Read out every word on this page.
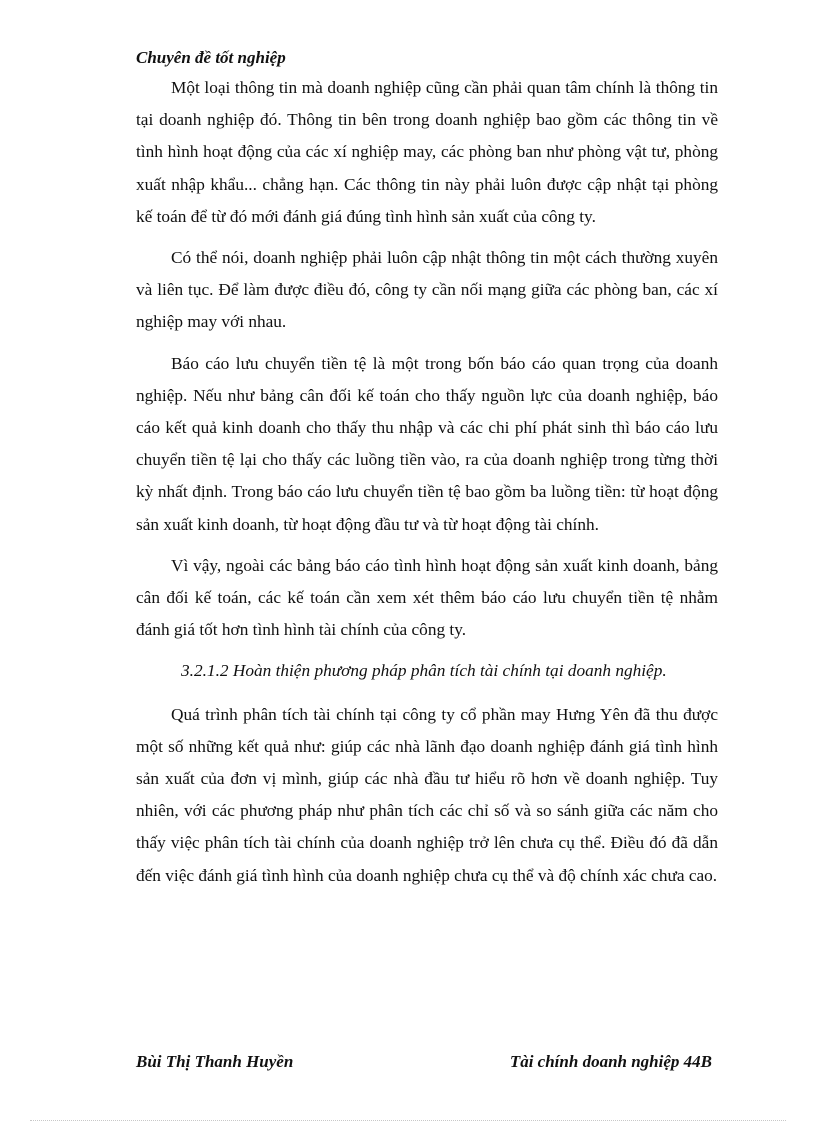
Chuyên đề tốt nghiệp

Một loại thông tin mà doanh nghiệp cũng cần phải quan tâm chính là thông tin tại doanh nghiệp đó. Thông tin bên trong doanh nghiệp bao gồm các thông tin về tình hình hoạt động của các xí nghiệp may, các phòng ban như phòng vật tư, phòng xuất nhập khẩu... chẳng hạn. Các thông tin này phải luôn được cập nhật tại phòng kế toán để từ đó mới đánh giá đúng tình hình sản xuất của công ty.

Có thể nói, doanh nghiệp phải luôn cập nhật thông tin một cách thường xuyên và liên tục. Để làm được điều đó, công ty cần nối mạng giữa các phòng ban, các xí nghiệp may với nhau.

Báo cáo lưu chuyển tiền tệ là một trong bốn báo cáo quan trọng của doanh nghiệp. Nếu như bảng cân đối kế toán cho thấy nguồn lực của doanh nghiệp, báo cáo kết quả kinh doanh cho thấy thu nhập và các chi phí phát sinh thì báo cáo lưu chuyển tiền tệ lại cho thấy các luồng tiền vào, ra của doanh nghiệp trong từng thời kỳ nhất định. Trong báo cáo lưu chuyển tiền tệ bao gồm ba luồng tiền: từ hoạt động sản xuất kinh doanh, từ hoạt động đầu tư và từ hoạt động tài chính.

Vì vậy, ngoài các bảng báo cáo tình hình hoạt động sản xuất kinh doanh, bảng cân đối kế toán, các kế toán cần xem xét thêm báo cáo lưu chuyển tiền tệ nhằm đánh giá tốt hơn tình hình tài chính của công ty.

3.2.1.2 Hoàn thiện phương pháp phân tích tài chính tại doanh nghiệp.

Quá trình phân tích tài chính tại công ty cổ phần may Hưng Yên đã thu được một số những kết quả như: giúp các nhà lãnh đạo doanh nghiệp đánh giá tình hình sản xuất của đơn vị mình, giúp các nhà đầu tư hiểu rõ hơn về doanh nghiệp. Tuy nhiên, với các phương pháp như phân tích các chỉ số và so sánh giữa các năm cho thấy việc phân tích tài chính của doanh nghiệp trở lên chưa cụ thể. Điều đó đã dẫn đến việc đánh giá tình hình của doanh nghiệp chưa cụ thể và độ chính xác chưa cao.

Bùi Thị Thanh Huyền	Tài chính doanh nghiệp 44B
